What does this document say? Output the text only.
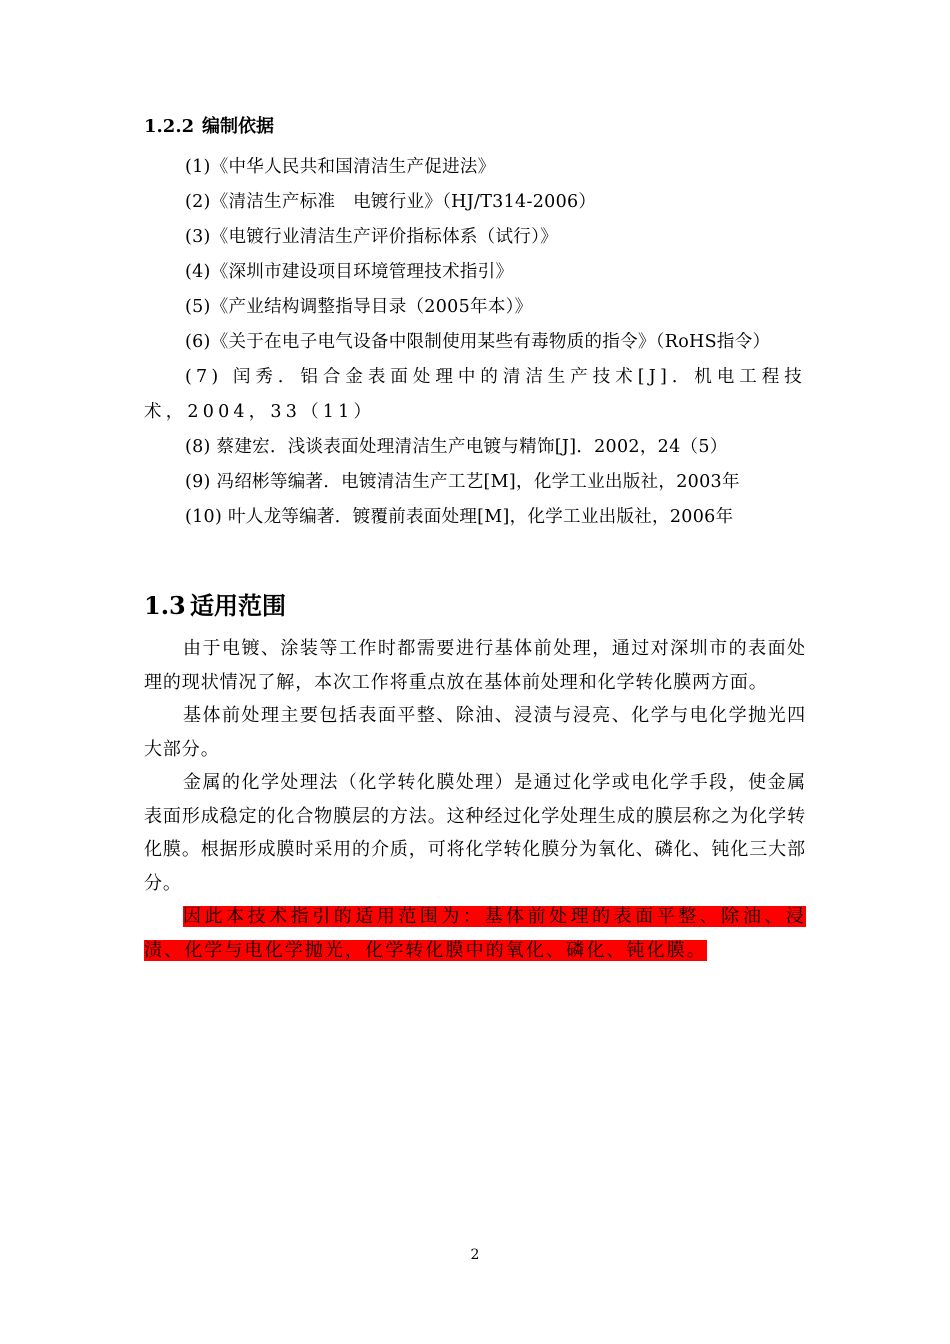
1.2.2 编制依据

(1)《中华人民共和国清洁生产促进法》

(2)《清洁生产标准　电镀行业》（HJ/T314-2006）

(3)《电镀行业清洁生产评价指标体系（试行）》

(4)《深圳市建设项目环境管理技术指引》

(5)《产业结构调整指导目录（2005年本）》

(6)《关于在电子电气设备中限制使用某些有毒物质的指令》（RoHS指令）

(7) 闰秀．铝合金表面处理中的清洁生产技术[J]．机电工程技术，2004，33（11）

(8) 蔡建宏．浅谈表面处理清洁生产电镀与精饰[J]．2002，24（5）

(9) 冯绍彬等编著．电镀清洁生产工艺[M]，化学工业出版社，2003年

(10) 叶人龙等编著．镀覆前表面处理[M]，化学工业出版社，2006年

1.3 适用范围

由于电镀、涂装等工作时都需要进行基体前处理，通过对深圳市的表面处理的现状情况了解，本次工作将重点放在基体前处理和化学转化膜两方面。

基体前处理主要包括表面平整、除油、浸渍与浸亮、化学与电化学抛光四大部分。

金属的化学处理法（化学转化膜处理）是通过化学或电化学手段，使金属表面形成稳定的化合物膜层的方法。这种经过化学处理生成的膜层称之为化学转化膜。根据形成膜时采用的介质，可将化学转化膜分为氧化、磷化、钝化三大部分。

因此本技术指引的适用范围为：基体前处理的表面平整、除油、浸渍、化学与电化学抛光，化学转化膜中的氧化、磷化、钝化膜。

2
